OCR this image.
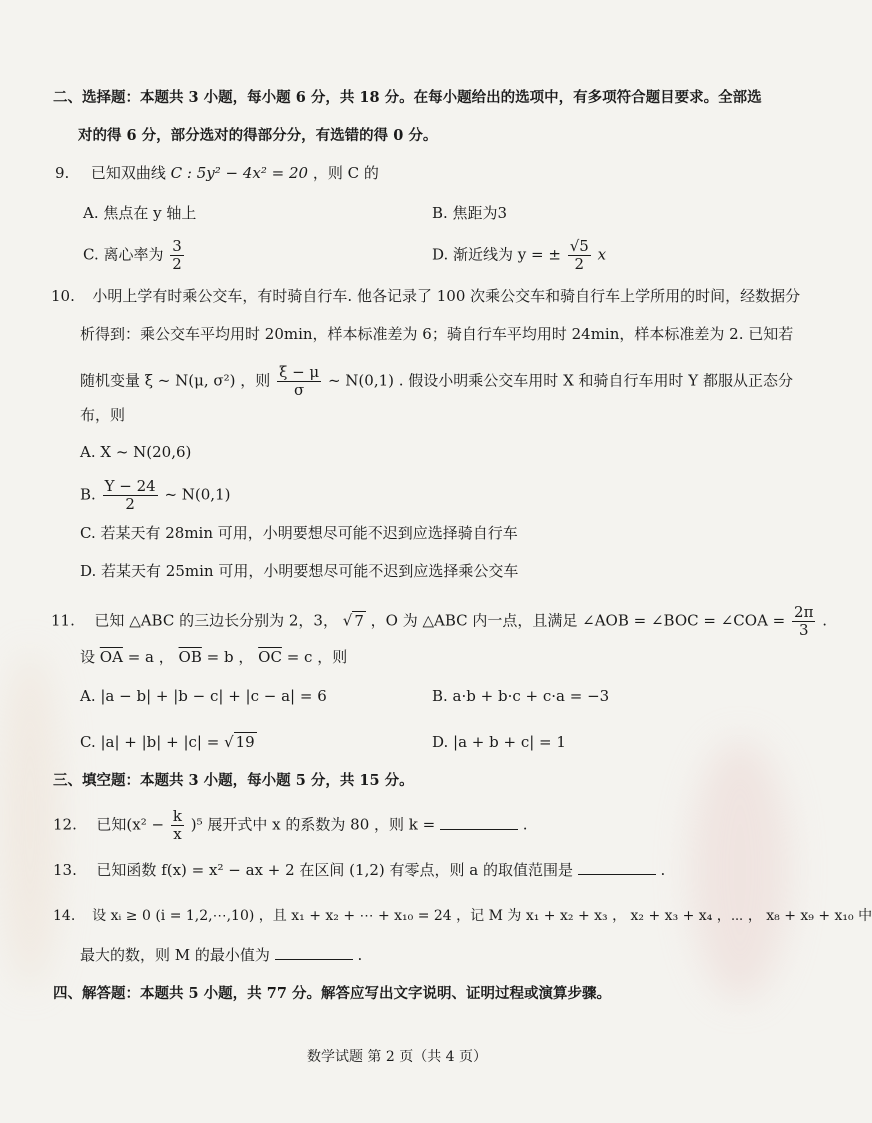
二、选择题：本题共 3 小题，每小题 6 分，共 18 分。在每小题给出的选项中，有多项符合题目要求。全部选
对的得 6 分，部分选对的得部分分，有选错的得 0 分。
9. 已知双曲线 C : 5y² − 4x² = 20 ，则 C 的
A. 焦点在 y 轴上	B. 焦距为3
C. 离心率为 $\frac{3}{2}$	D. 渐近线为 y = ± $\frac{√5}{2}$ x
10. 小明上学有时乘公交车，有时骑自行车. 他各记录了 100 次乘公交车和骑自行车上学所用的时间，经数据分
析得到：乘公交车平均用时 20min，样本标准差为 6；骑自行车平均用时 24min，样本标准差为 2. 已知若
随机变量 ξ ~ N(μ, σ²) ，则 $\frac{\xi - \mu}{\sigma}$ ~ N(0,1) . 假设小明乘公交车用时 X 和骑自行车用时 Y 都服从正态分
布，则
A. X ~ N(20,6)
B. $\frac{Y - 24}{2}$ ~ N(0,1)
C. 若某天有 28min 可用，小明要想尽可能不迟到应选择骑自行车
D. 若某天有 25min 可用，小明要想尽可能不迟到应选择乘公交车
11. 已知 △ABC 的三边长分别为 2，3， √ 7 ，O 为 △ABC 内一点，且满足 ∠AOB = ∠BOC = ∠COA = $\frac{2\pi}{3}$ .
设 $\overline{OA} = a$ ， $\overline{OB} = b$ ， $\overline{OC} = c$ ，则
A. |a − b| + |b − c| + |c − a| = 6	B. a·b + b·c + c·a = −3
C. |a| + |b| + |c| = √ 19	D. |a + b + c| = 1
三、填空题：本题共 3 小题，每小题 5 分，共 15 分。
12. 已知$(x^2 - \frac{k}{x} )^5$ 展开式中 x 的系数为 80 ，则 k =	.
13. 已知函数 f(x) = x² − ax + 2 在区间 (1,2) 有零点，则 a 的取值范围是	.
14. 设 xᵢ ≥ 0 (i = 1,2,⋯,10) ，且 x₁ + x₂ + ⋯ + x₁₀ = 24 ，记 M 为 x₁ + x₂ + x₃ ， x₂ + x₃ + x₄ ，⋯ ， x₈ + x₉ + x₁₀ 中
最大的数，则 M 的最小值为	.
四、解答题：本题共 5 小题，共 77 分。解答应写出文字说明、证明过程或演算步骤。
数学试题 第 2 页（共 4 页）
